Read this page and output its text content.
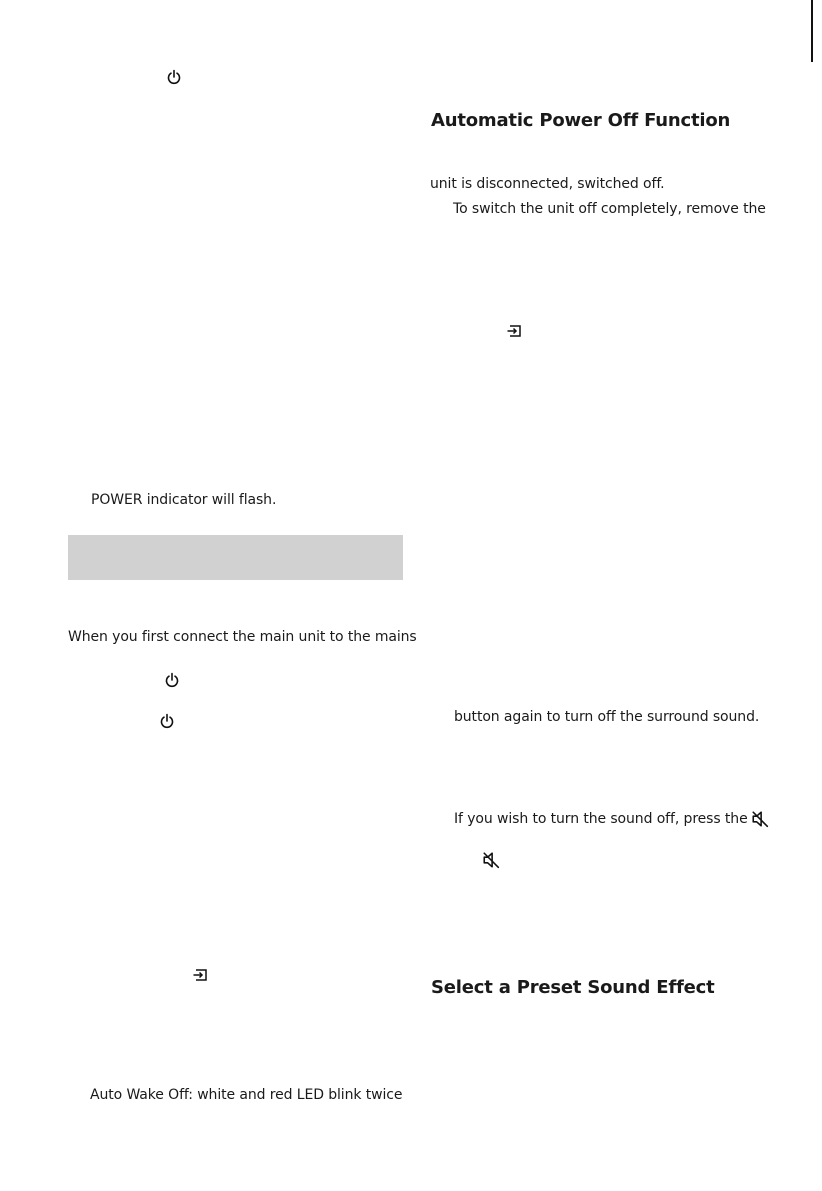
POWER indicator will flash.
When you first connect the main unit to the mains
Auto Wake Off: white and red LED blink twice
Automatic Power Off Function
unit is disconnected, switched off.
To switch the unit off completely, remove the
button again to turn off the surround sound.
If you wish to turn the sound off, press the
Select a Preset Sound Effect
